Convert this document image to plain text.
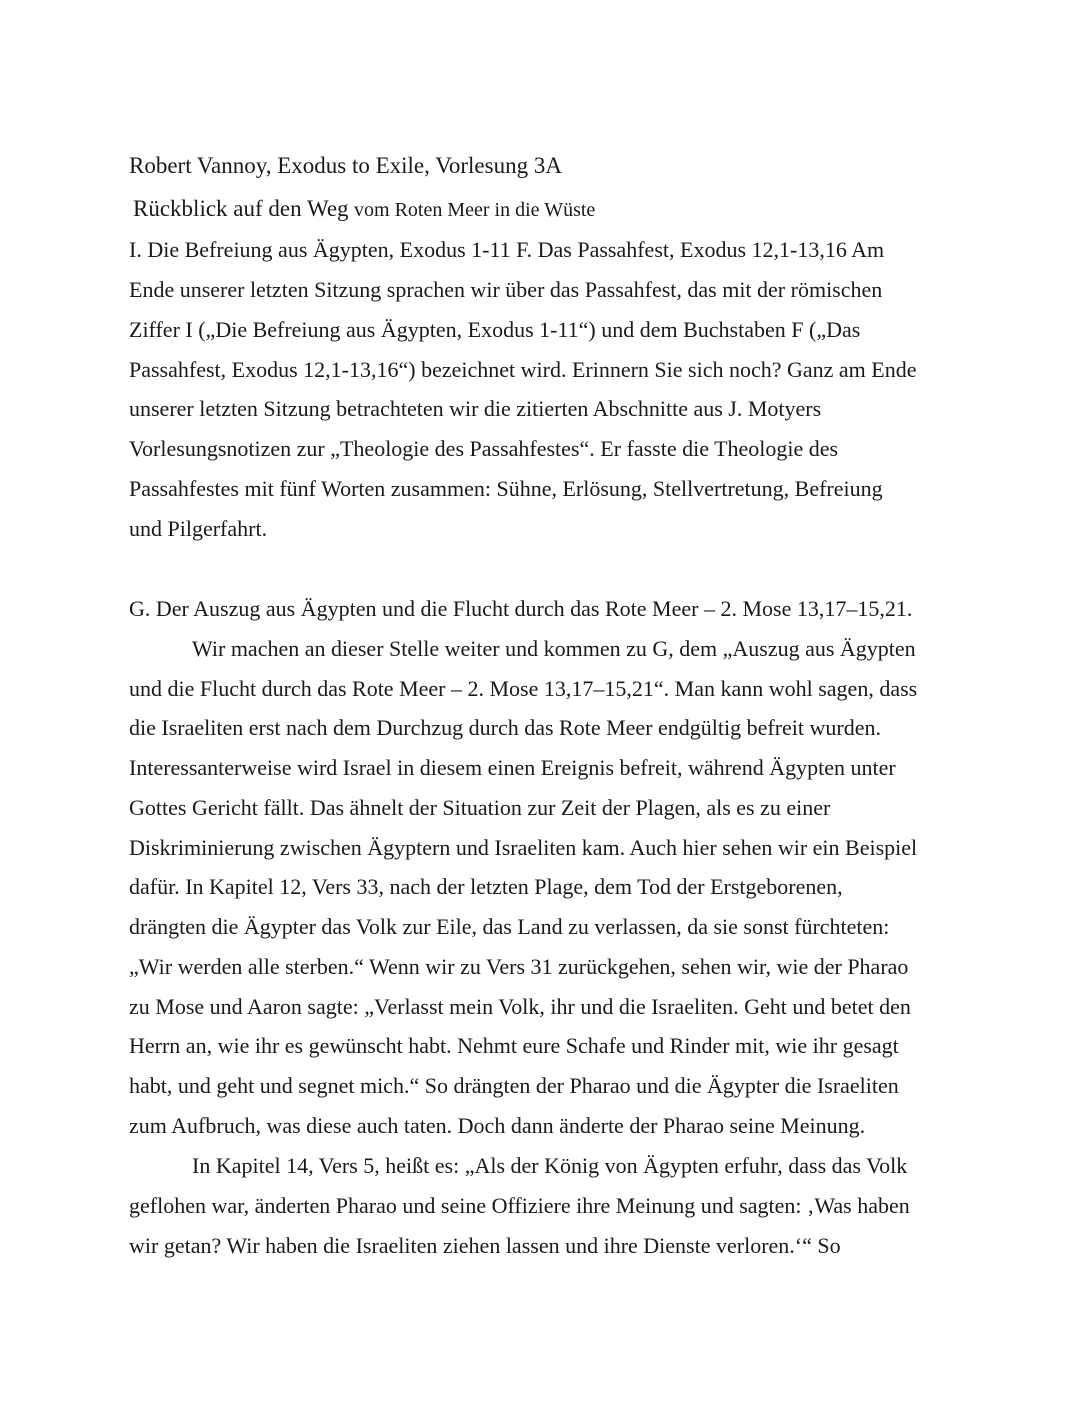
Robert Vannoy, Exodus to Exile, Vorlesung 3A

Rückblick auf den Weg vom Roten Meer in die Wüste

I. Die Befreiung aus Ägypten, Exodus 1-11 F. Das Passahfest, Exodus 12,1-13,16 Am

Ende unserer letzten Sitzung sprachen wir über das Passahfest, das mit der römischen

Ziffer I („Die Befreiung aus Ägypten, Exodus 1-11“) und dem Buchstaben F („Das

Passahfest, Exodus 12,1-13,16“) bezeichnet wird. Erinnern Sie sich noch? Ganz am Ende

unserer letzten Sitzung betrachteten wir die zitierten Abschnitte aus J. Motyers

Vorlesungsnotizen zur „Theologie des Passahfestes“. Er fasste die Theologie des

Passahfestes mit fünf Worten zusammen: Sühne, Erlösung, Stellvertretung, Befreiung

und Pilgerfahrt.

G. Der Auszug aus Ägypten und die Flucht durch das Rote Meer – 2. Mose 13,17–15,21.

Wir machen an dieser Stelle weiter und kommen zu G, dem „Auszug aus Ägypten

und die Flucht durch das Rote Meer – 2. Mose 13,17–15,21“. Man kann wohl sagen, dass

die Israeliten erst nach dem Durchzug durch das Rote Meer endgültig befreit wurden.

Interessanterweise wird Israel in diesem einen Ereignis befreit, während Ägypten unter

Gottes Gericht fällt. Das ähnelt der Situation zur Zeit der Plagen, als es zu einer

Diskriminierung zwischen Ägyptern und Israeliten kam. Auch hier sehen wir ein Beispiel

dafür. In Kapitel 12, Vers 33, nach der letzten Plage, dem Tod der Erstgeborenen,

drängten die Ägypter das Volk zur Eile, das Land zu verlassen, da sie sonst fürchteten:

„Wir werden alle sterben.“ Wenn wir zu Vers 31 zurückgehen, sehen wir, wie der Pharao

zu Mose und Aaron sagte: „Verlasst mein Volk, ihr und die Israeliten. Geht und betet den

Herrn an, wie ihr es gewünscht habt. Nehmt eure Schafe und Rinder mit, wie ihr gesagt

habt, und geht und segnet mich.“ So drängten der Pharao und die Ägypter die Israeliten

zum Aufbruch, was diese auch taten. Doch dann änderte der Pharao seine Meinung.

In Kapitel 14, Vers 5, heißt es: „Als der König von Ägypten erfuhr, dass das Volk

geflohen war, änderten Pharao und seine Offiziere ihre Meinung und sagten: ‚Was haben

wir getan? Wir haben die Israeliten ziehen lassen und ihre Dienste verloren.‘“ So
